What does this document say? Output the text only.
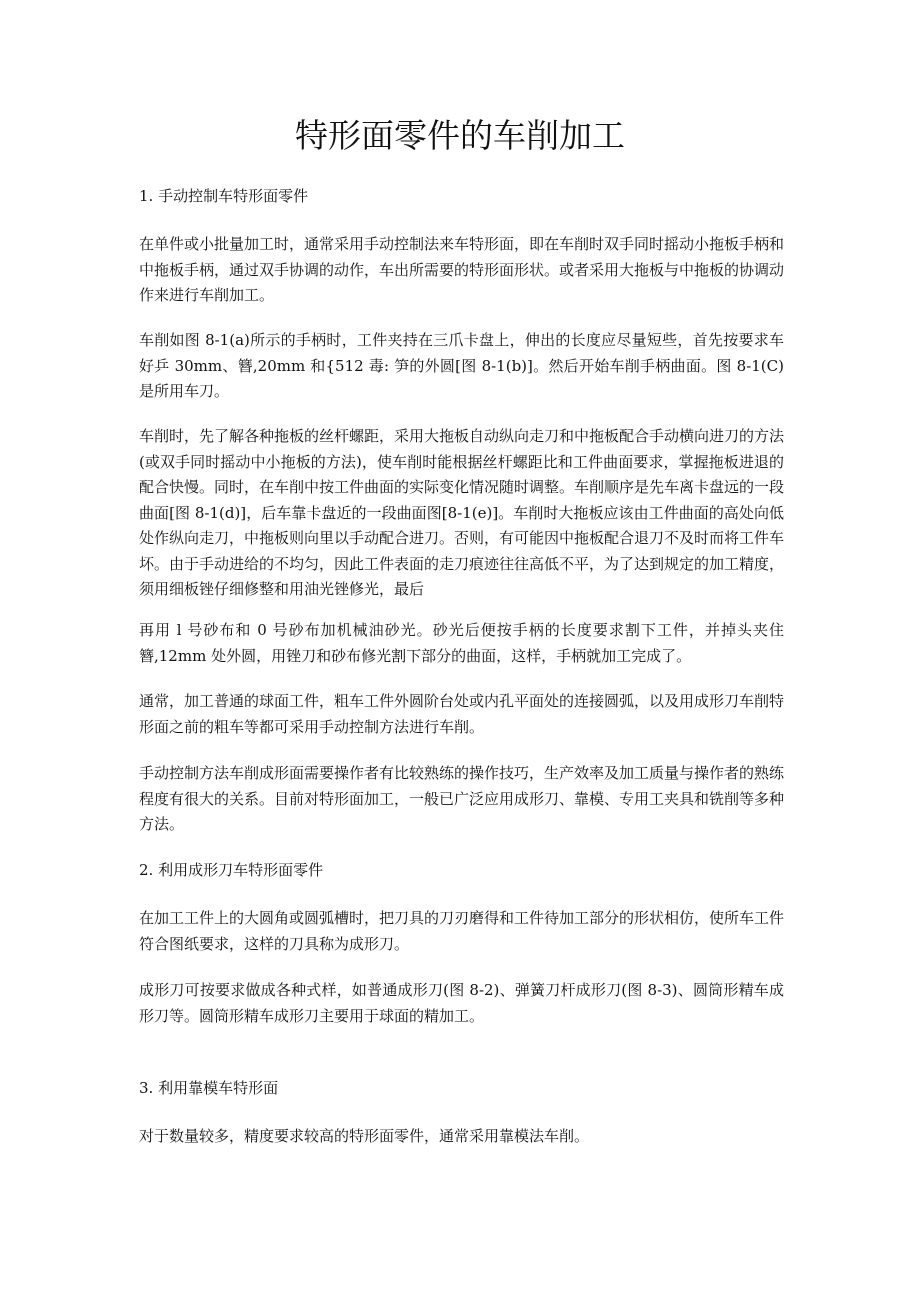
特形面零件的车削加工

1. 手动控制车特形面零件

在单件或小批量加工时，通常采用手动控制法来车特形面，即在车削时双手同时摇动小拖板手柄和中拖板手柄，通过双手协调的动作，车出所需要的特形面形状。或者采用大拖板与中拖板的协调动作来进行车削加工。

车削如图 8-1(a)所示的手柄时，工件夹持在三爪卡盘上，伸出的长度应尽量短些，首先按要求车好乒 30mm、簪,20mm 和{512 毒: 笋的外圆[图 8-1(b)]。然后开始车削手柄曲面。图 8-1(C)是所用车刀。

车削时，先了解各种拖板的丝杆螺距，采用大拖板自动纵向走刀和中拖板配合手动横向进刀的方法(或双手同时摇动中小拖板的方法)，使车削时能根据丝杆螺距比和工件曲面要求，掌握拖板进退的配合快慢。同时，在车削中按工件曲面的实际变化情况随时调整。车削顺序是先车离卡盘远的一段曲面[图 8-1(d)]，后车靠卡盘近的一段曲面图[8-1(e)]。车削时大拖板应该由工件曲面的高处向低处作纵向走刀，中拖板则向里以手动配合进刀。否则，有可能因中拖板配合退刀不及时而将工件车坏。由于手动进给的不均匀，因此工件表面的走刀痕迹往往高低不平，为了达到规定的加工精度，须用细板锉仔细修整和用油光锉修光，最后

再用 l 号砂布和 0 号砂布加机械油砂光。砂光后便按手柄的长度要求割下工件，并掉头夹住簪,12mm 处外圆，用锉刀和砂布修光割下部分的曲面，这样，手柄就加工完成了。

通常，加工普通的球面工件，粗车工件外圆阶台处或内孔平面处的连接圆弧，以及用成形刀车削特形面之前的粗车等都可采用手动控制方法进行车削。

手动控制方法车削成形面需要操作者有比较熟练的操作技巧，生产效率及加工质量与操作者的熟练程度有很大的关系。目前对特形面加工，一般已广泛应用成形刀、靠模、专用工夹具和铣削等多种方法。

2. 利用成形刀车特形面零件

在加工工件上的大圆角或圆弧槽时，把刀具的刀刃磨得和工件待加工部分的形状相仿，使所车工件符合图纸要求，这样的刀具称为成形刀。

成形刀可按要求做成各种式样，如普通成形刀(图 8-2)、弹簧刀杆成形刀(图 8-3)、圆筒形精车成形刀等。圆筒形精车成形刀主要用于球面的精加工。

3. 利用靠模车特形面

对于数量较多，精度要求较高的特形面零件，通常采用靠模法车削。
